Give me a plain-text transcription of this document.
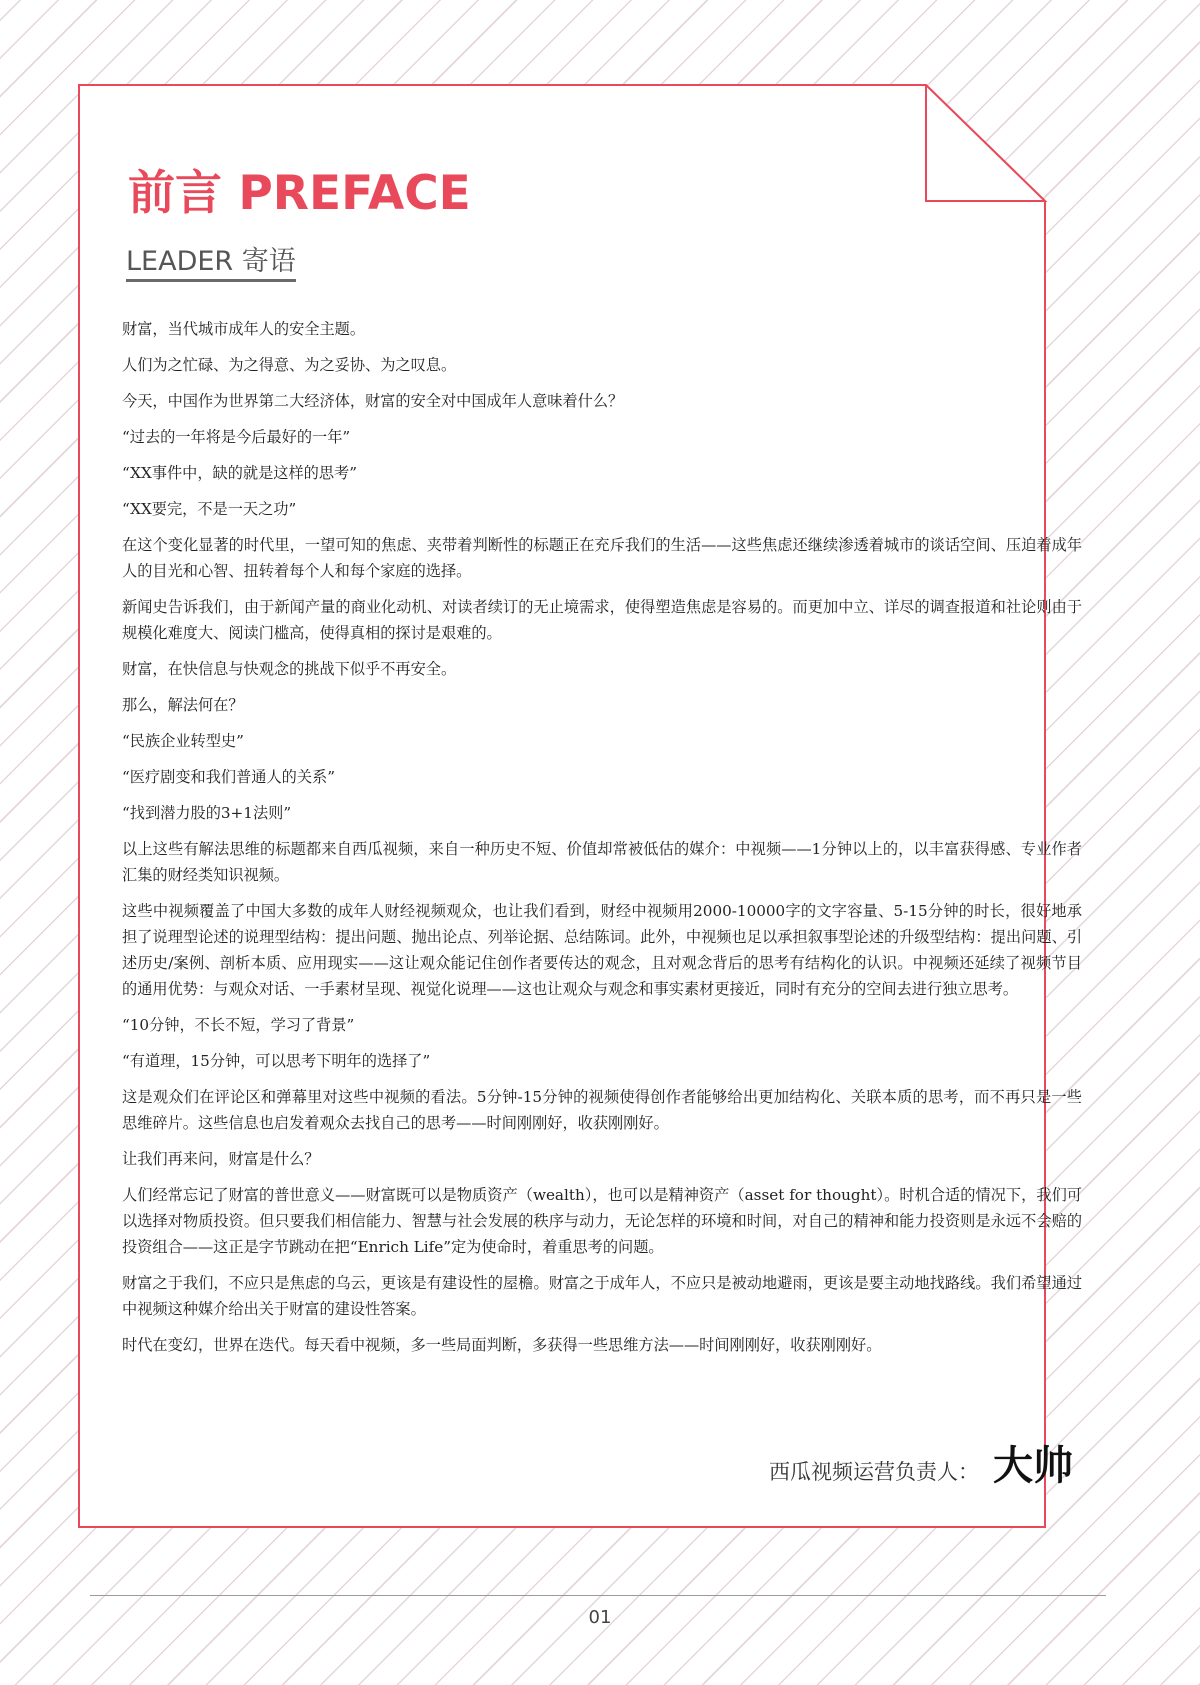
前言 PREFACE
LEADER 寄语

财富，当代城市成年人的安全主题。

人们为之忙碌、为之得意、为之妥协、为之叹息。

今天，中国作为世界第二大经济体，财富的安全对中国成年人意味着什么？

“过去的一年将是今后最好的一年”

“XX事件中，缺的就是这样的思考”

“XX要完，不是一天之功”

在这个变化显著的时代里，一望可知的焦虑、夹带着判断性的标题正在充斥我们的生活——这些焦虑还继续渗透着城市的谈话空间、压迫着成年人的目光和心智、扭转着每个人和每个家庭的选择。

新闻史告诉我们，由于新闻产量的商业化动机、对读者续订的无止境需求，使得塑造焦虑是容易的。而更加中立、详尽的调查报道和社论则由于规模化难度大、阅读门槛高，使得真相的探讨是艰难的。

财富，在快信息与快观念的挑战下似乎不再安全。

那么，解法何在？

“民族企业转型史”

“医疗剧变和我们普通人的关系”

“找到潜力股的3+1法则”

以上这些有解法思维的标题都来自西瓜视频，来自一种历史不短、价值却常被低估的媒介：中视频——1分钟以上的，以丰富获得感、专业作者汇集的财经类知识视频。

这些中视频覆盖了中国大多数的成年人财经视频观众，也让我们看到，财经中视频用2000-10000字的文字容量、5-15分钟的时长，很好地承担了说理型论述的说理型结构：提出问题、抛出论点、列举论据、总结陈词。此外，中视频也足以承担叙事型论述的升级型结构：提出问题、引述历史/案例、剖析本质、应用现实——这让观众能记住创作者要传达的观念，且对观念背后的思考有结构化的认识。中视频还延续了视频节目的通用优势：与观众对话、一手素材呈现、视觉化说理——这也让观众与观念和事实素材更接近，同时有充分的空间去进行独立思考。

“10分钟，不长不短，学习了背景”

“有道理，15分钟，可以思考下明年的选择了”

这是观众们在评论区和弹幕里对这些中视频的看法。5分钟-15分钟的视频使得创作者能够给出更加结构化、关联本质的思考，而不再只是一些思维碎片。这些信息也启发着观众去找自己的思考——时间刚刚好，收获刚刚好。

让我们再来问，财富是什么？

人们经常忘记了财富的普世意义——财富既可以是物质资产（wealth），也可以是精神资产（asset for thought）。时机合适的情况下，我们可以选择对物质投资。但只要我们相信能力、智慧与社会发展的秩序与动力，无论怎样的环境和时间，对自己的精神和能力投资则是永远不会赔的投资组合——这正是字节跳动在把“Enrich Life”定为使命时，着重思考的问题。

财富之于我们，不应只是焦虑的乌云，更该是有建设性的屋檐。财富之于成年人，不应只是被动地避雨，更该是要主动地找路线。我们希望通过中视频这种媒介给出关于财富的建设性答案。

时代在变幻，世界在迭代。每天看中视频，多一些局面判断，多获得一些思维方法——时间刚刚好，收获刚刚好。

西瓜视频运营负责人： 大帅
01
